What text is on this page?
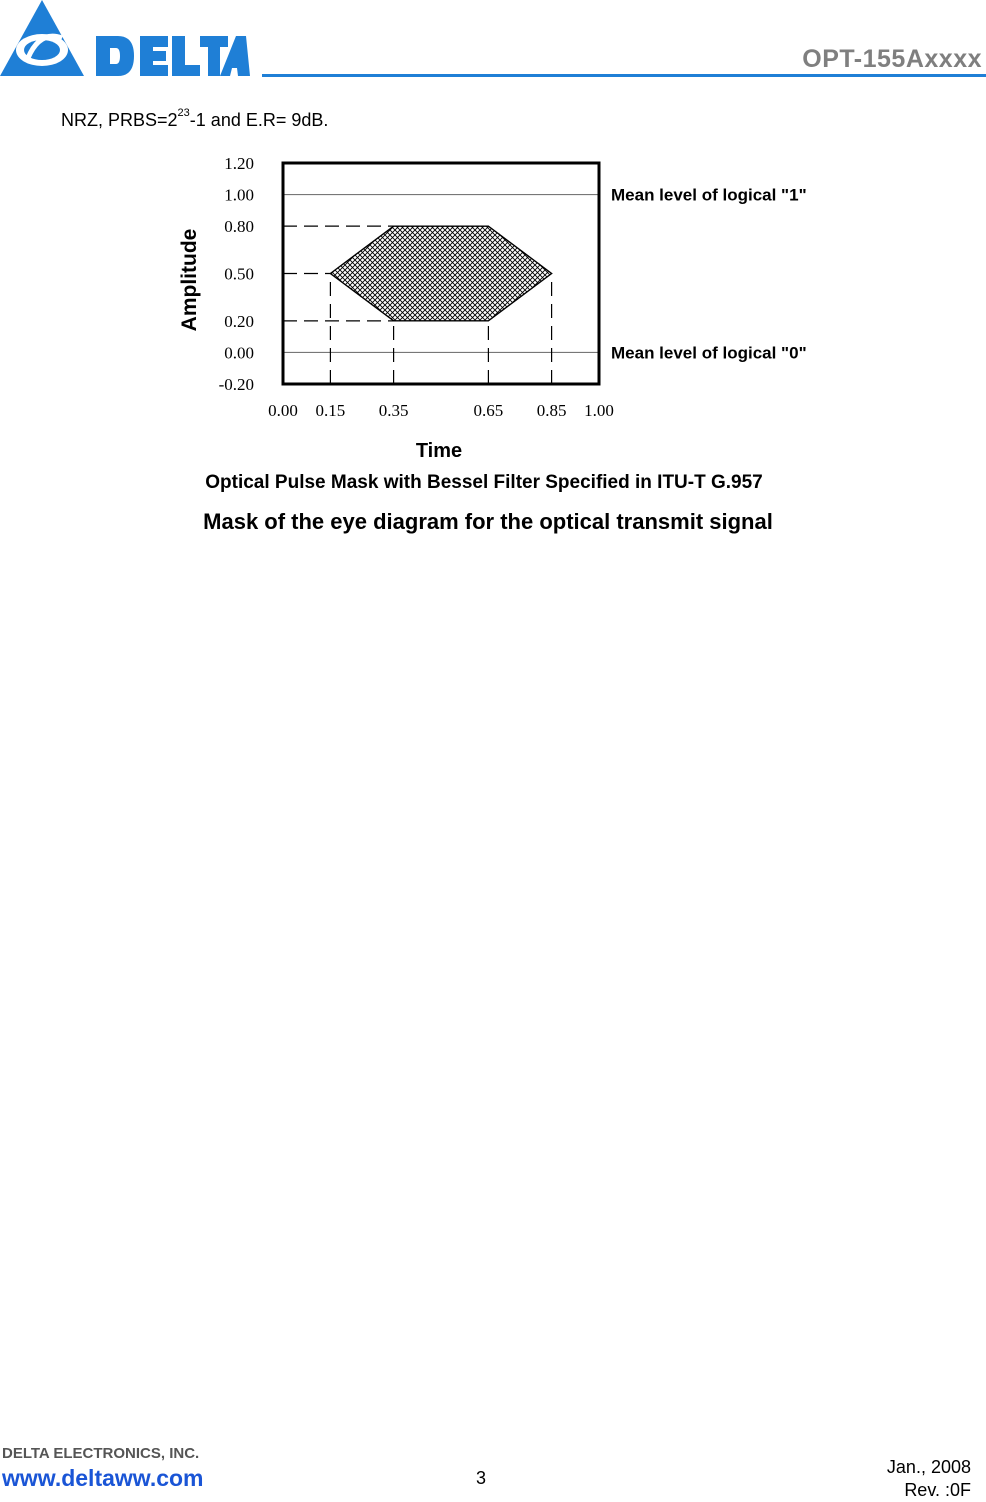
OPT-155Axxxx
NRZ, $PRBS=2^{23}-1$ and E.R= 9dB.
Mean level of logical "1"
Mean level of logical "0"
1.20
1.00
0.80
0.50
0.20
0.00
-0.20
0.00 0.15 0.35	0.65 0.85 1.00
Amplitude
Time
Optical Pulse Mask with Bessel Filter Specified in ITU-T G.957
Mask of the eye diagram for the optical transmit signal
DELTA ELECTRONICS, INC.
www.deltaww.com	3
Jan., 2008
Rev. :0F
